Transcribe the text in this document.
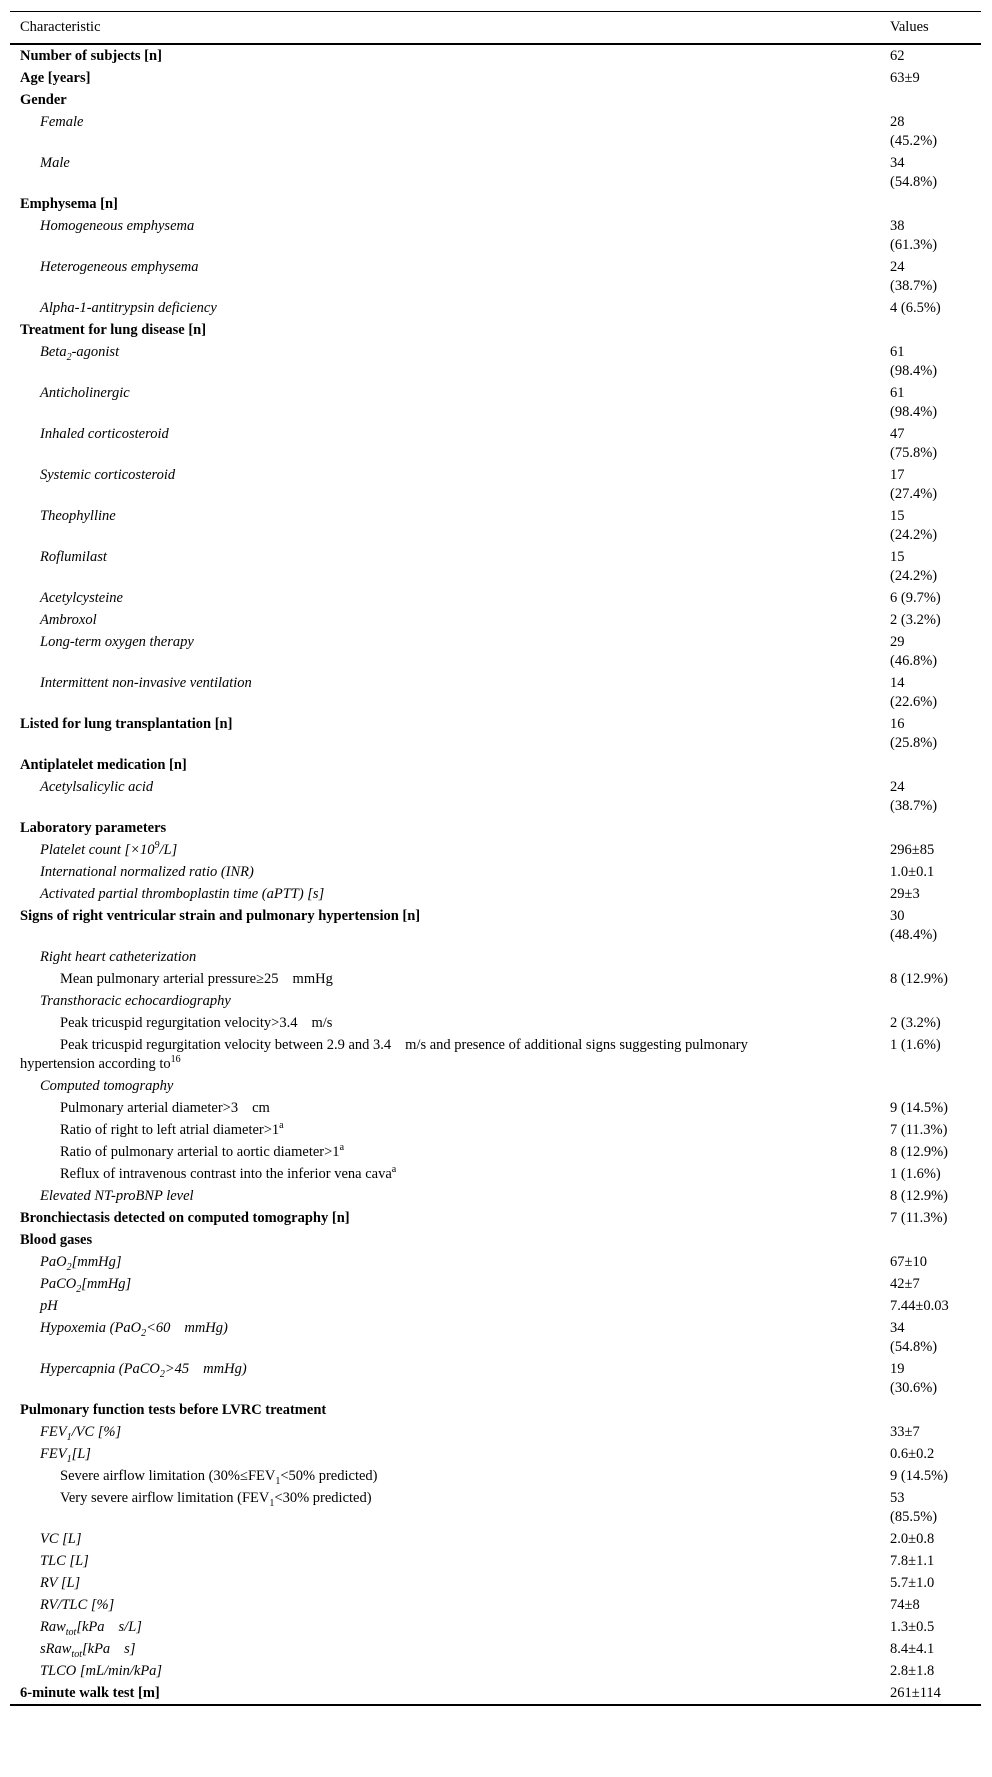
Characteristic	Values
Number of subjects [n]	62
Age [years]	63±9
Gender	
Female	28
(45.2%)
Male	34
(54.8%)
Emphysema [n]	
Homogeneous emphysema	38
(61.3%)
Heterogeneous emphysema	24
(38.7%)
Alpha-1-antitrypsin deficiency	4 (6.5%)
Treatment for lung disease [n]	
Beta$_2$-agonist	61
(98.4%)
Anticholinergic	61
(98.4%)
Inhaled corticosteroid	47
(75.8%)
Systemic corticosteroid	17
(27.4%)
Theophylline	15
(24.2%)
Roflumilast	15
(24.2%)
Acetylcysteine	6 (9.7%)
Ambroxol	2 (3.2%)
Long-term oxygen therapy	29
(46.8%)
Intermittent non-invasive ventilation	14
(22.6%)
Listed for lung transplantation [n]	16
(25.8%)
Antiplatelet medication [n]	
Acetylsalicylic acid	24
(38.7%)
Laboratory parameters	
Platelet count $[\times 10^9/L]$	296±85
International normalized ratio (INR)	1.0±0.1
Activated partial thromboplastin time (aPTT) [s]	29±3
Signs of right ventricular strain and pulmonary hypertension [n]	30
(48.4%)
Right heart catheterization	
Mean pulmonary arterial pressure≥25 mmHg	8 (12.9%)
Transthoracic echocardiography	
Peak tricuspid regurgitation velocity>3.4 m/s	2 (3.2%)
Peak tricuspid regurgitation velocity between 2.9 and 3.4 m/s and presence of additional signs suggesting pulmonary
hypertension according $to^{16}$	1 (1.6%)
Computed tomography	
Pulmonary arterial diameter>3 cm	9 (14.5%)
Ratio of right to left atrial $diameter>1^a$	7 (11.3%)
Ratio of pulmonary arterial to aortic $diameter>1^a$	8 (12.9%)
Reflux of intravenous contrast into the inferior vena cava$^a$	1 (1.6%)
Elevated NT-proBNP level	8 (12.9%)
Bronchiectasis detected on computed tomography [n]	7 (11.3%)
Blood gases	
PaO$_2$[mmHg]	67±10
PaCO$_2$[mmHg]	42±7
pH	7.44±0.03
Hypoxemia (PaO$_2$<60 mmHg)	34
(54.8%)
Hypercapnia (PaCO$_2$>45 mmHg)	19
(30.6%)
Pulmonary function tests before LVRC treatment	
$FEV_1/VC$ [%]	33±7
$FEV_1[L]$	0.6±0.2
Severe airflow limitation ($30\%\le FEV_1<50\%$ predicted)	9 (14.5%)
Very severe airflow limitation ($FEV_1<30\%$ predicted)	53
(85.5%)
VC [L]	2.0±0.8
TLC [L]	7.8±1.1
RV [L]	5.7±1.0
RV/TLC [%]	74±8
Raw$_{tot}$[kPa s/L]	1.3±0.5
sRaw$_{tot}$[kPa s]	8.4±4.1
TLCO [mL/min/kPa]	2.8±1.8
6-minute walk test [m]	261±114
